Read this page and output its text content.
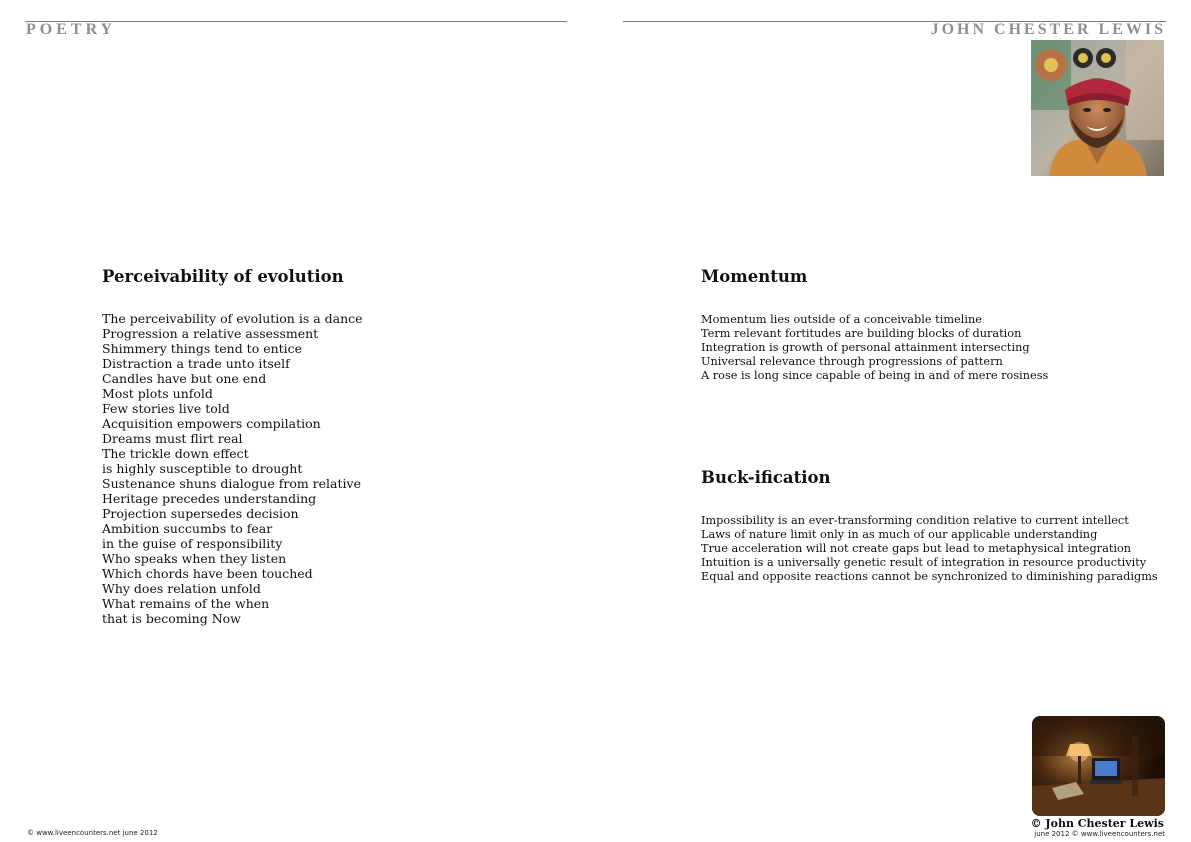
POETRY	JOHN CHESTER LEWIS
Perceivability of evolution
The perceivability of evolution is a dance
Progression a relative assessment
Shimmery things tend to entice
Distraction a trade unto itself
Candles have but one end
Most plots unfold
Few stories live told
Acquisition empowers compilation
Dreams must flirt real
The trickle down effect
is highly susceptible to drought
Sustenance shuns dialogue from relative
Heritage precedes understanding
Projection supersedes decision
Ambition succumbs to fear
in the guise of responsibility
Who speaks when they listen
Which chords have been touched
Why does relation unfold
What remains of the when
that is becoming Now
Momentum
Momentum lies outside of a conceivable timeline
Term relevant fortitudes are building blocks of duration
Integration is growth of personal attainment intersecting
Universal relevance through progressions of pattern
A rose is long since capable of being in and of mere rosiness
Buck-ification
Impossibility is an ever-transforming condition relative to current intellect
Laws of nature limit only in as much of our applicable understanding
True acceleration will not create gaps but lead to metaphysical integration
Intuition is a universally genetic result of integration in resource productivity
Equal and opposite reactions cannot be synchronized to diminishing paradigms
© www.liveencounters.net june 2012
© John Chester Lewis
june 2012 © www.liveencounters.net
